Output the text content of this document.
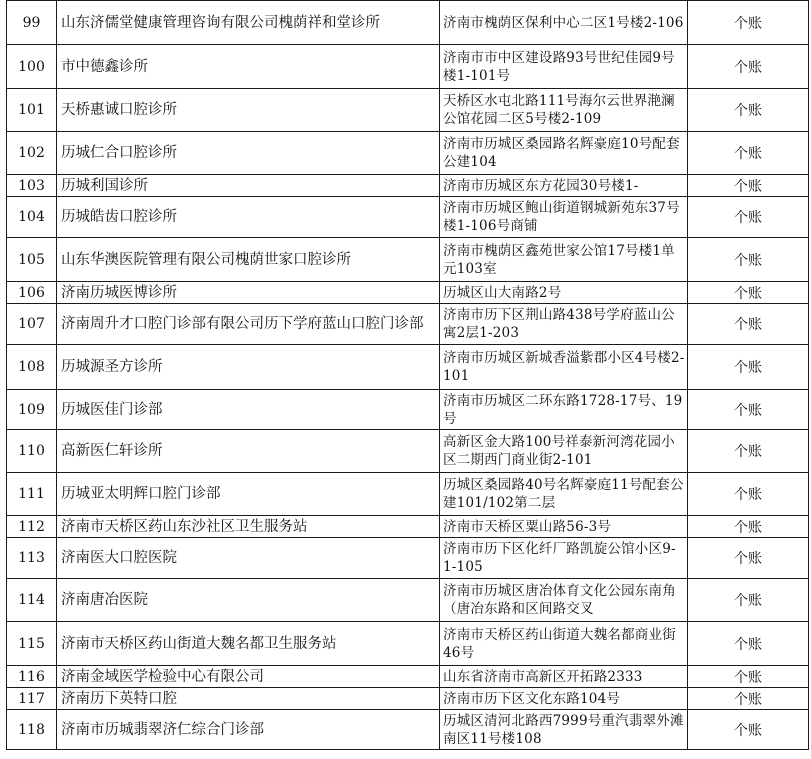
99	山东济儒堂健康管理咨询有限公司槐荫祥和堂诊所	济南市槐荫区保利中心二区1号楼2-106	个账

100	市中德鑫诊所	济南市市中区建设路93号世纪佳园9号楼1-101号	个账

101	天桥惠诚口腔诊所	天桥区水屯北路111号海尔云世界滟澜公馆花园二区5号楼2-109	个账

102	历城仁合口腔诊所	济南市历城区桑园路名辉豪庭10号配套公建104	个账

103	历城利国诊所	济南市历城区东方花园30号楼1-	个账

104	历城皓齿口腔诊所	济南市历城区鲍山街道钢城新苑东37号楼1-106号商铺	个账

105	山东华澳医院管理有限公司槐荫世家口腔诊所	济南市槐荫区鑫苑世家公馆17号楼1单元103室	个账

106	济南历城医博诊所	历城区山大南路2号	个账

107	济南周升才口腔门诊部有限公司历下学府蓝山口腔门诊部	济南市历下区荆山路438号学府蓝山公寓2层1-203	个账

108	历城源圣方诊所	济南市历城区新城香溢紫郡小区4号楼2-101	个账

109	历城医佳门诊部	济南市历城区二环东路1728-17号、19号	个账

110	高新医仁轩诊所	高新区金大路100号祥泰新河湾花园小区二期西门商业街2-101	个账

111	历城亚太明辉口腔门诊部	历城区桑园路40号名辉豪庭11号配套公建101/102第二层	个账

112	济南市天桥区药山东沙社区卫生服务站	济南市天桥区粟山路56-3号	个账

113	济南医大口腔医院	济南市历下区化纤厂路凯旋公馆小区9-1-105	个账

114	济南唐冶医院	济南市历城区唐冶体育文化公园东南角（唐冶东路和区间路交叉	个账

115	济南市天桥区药山街道大魏名都卫生服务站	济南市天桥区药山街道大魏名都商业街46号	个账

116	济南金域医学检验中心有限公司	山东省济南市高新区开拓路2333	个账

117	济南历下英特口腔	济南市历下区文化东路104号	个账

118	济南市历城翡翠济仁综合门诊部	历城区清河北路西7999号重汽翡翠外滩南区11号楼108	个账
